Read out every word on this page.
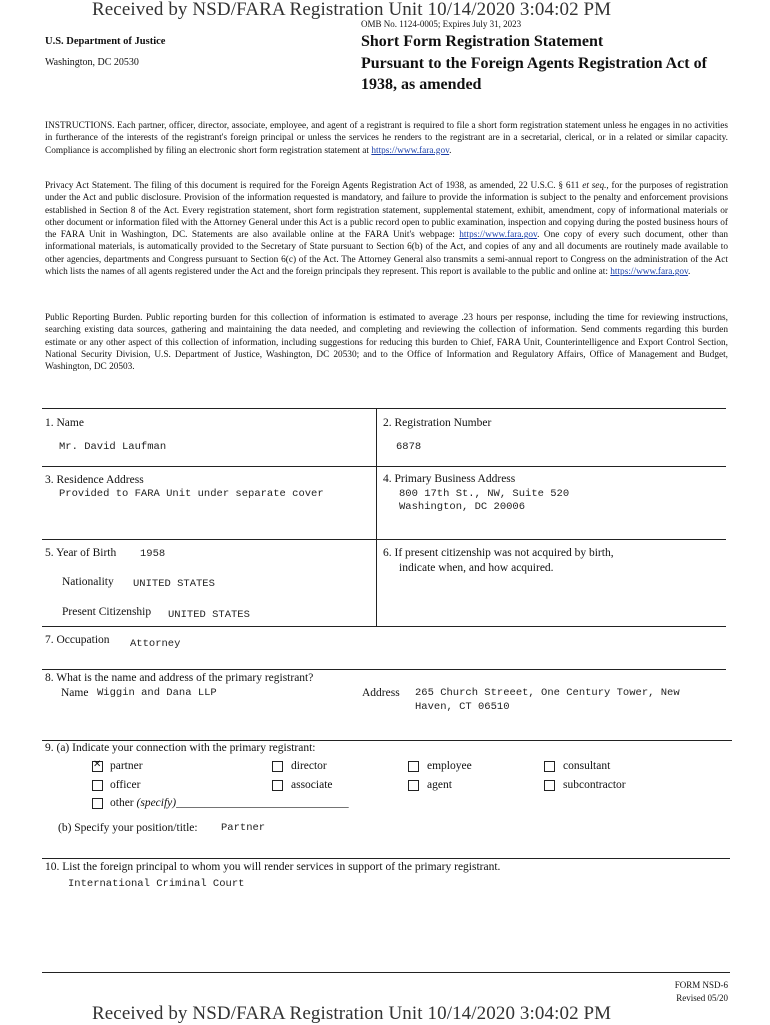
Received by NSD/FARA Registration Unit 10/14/2020 3:04:02 PM
OMB No. 1124-0005; Expires July 31, 2023
U.S. Department of Justice
Washington, DC 20530
Short Form Registration Statement
Pursuant to the Foreign Agents Registration Act of
1938, as amended
INSTRUCTIONS. Each partner, officer, director, associate, employee, and agent of a registrant is required to file a short form registration statement unless he engages in no activities in furtherance of the interests of the registrant's foreign principal or unless the services he renders to the registrant are in a secretarial, clerical, or in a related or similar capacity. Compliance is accomplished by filing an electronic short form registration statement at https://www.fara.gov.
Privacy Act Statement. The filing of this document is required for the Foreign Agents Registration Act of 1938, as amended, 22 U.S.C. § 611 et seq., for the purposes of registration under the Act and public disclosure. Provision of the information requested is mandatory, and failure to provide the information is subject to the penalty and enforcement provisions established in Section 8 of the Act. Every registration statement, short form registration statement, supplemental statement, exhibit, amendment, copy of informational materials or other document or information filed with the Attorney General under this Act is a public record open to public examination, inspection and copying during the posted business hours of the FARA Unit in Washington, DC. Statements are also available online at the FARA Unit's webpage: https://www.fara.gov. One copy of every such document, other than informational materials, is automatically provided to the Secretary of State pursuant to Section 6(b) of the Act, and copies of any and all documents are routinely made available to other agencies, departments and Congress pursuant to Section 6(c) of the Act. The Attorney General also transmits a semi-annual report to Congress on the administration of the Act which lists the names of all agents registered under the Act and the foreign principals they represent. This report is available to the public and online at: https://www.fara.gov.
Public Reporting Burden. Public reporting burden for this collection of information is estimated to average .23 hours per response, including the time for reviewing instructions, searching existing data sources, gathering and maintaining the data needed, and completing and reviewing the collection of information. Send comments regarding this burden estimate or any other aspect of this collection of information, including suggestions for reducing this burden to Chief, FARA Unit, Counterintelligence and Export Control Section, National Security Division, U.S. Department of Justice, Washington, DC 20530; and to the Office of Information and Regulatory Affairs, Office of Management and Budget, Washington, DC 20503.
1. Name
Mr. David Laufman
2. Registration Number
6878
3. Residence Address
Provided to FARA Unit under separate cover
4. Primary Business Address
800 17th St., NW, Suite 520
Washington, DC 20006
5. Year of Birth 1958
Nationality UNITED STATES
Present Citizenship UNITED STATES
6. If present citizenship was not acquired by birth,
indicate when, and how acquired.
7. Occupation Attorney
8. What is the name and address of the primary registrant?
Name Wiggin and Dana LLP	Address 265 Church Streeet, One Century Tower, New
Haven, CT 06510
9. (a) Indicate your connection with the primary registrant:
✕
partner	director	employee	consultant
officer	associate	agent	subcontractor
other (specify)______________________________
(b) Specify your position/title: Partner
10. List the foreign principal to whom you will render services in support of the primary registrant.
International Criminal Court
FORM NSD-6
Revised 05/20
Received by NSD/FARA Registration Unit 10/14/2020 3:04:02 PM
